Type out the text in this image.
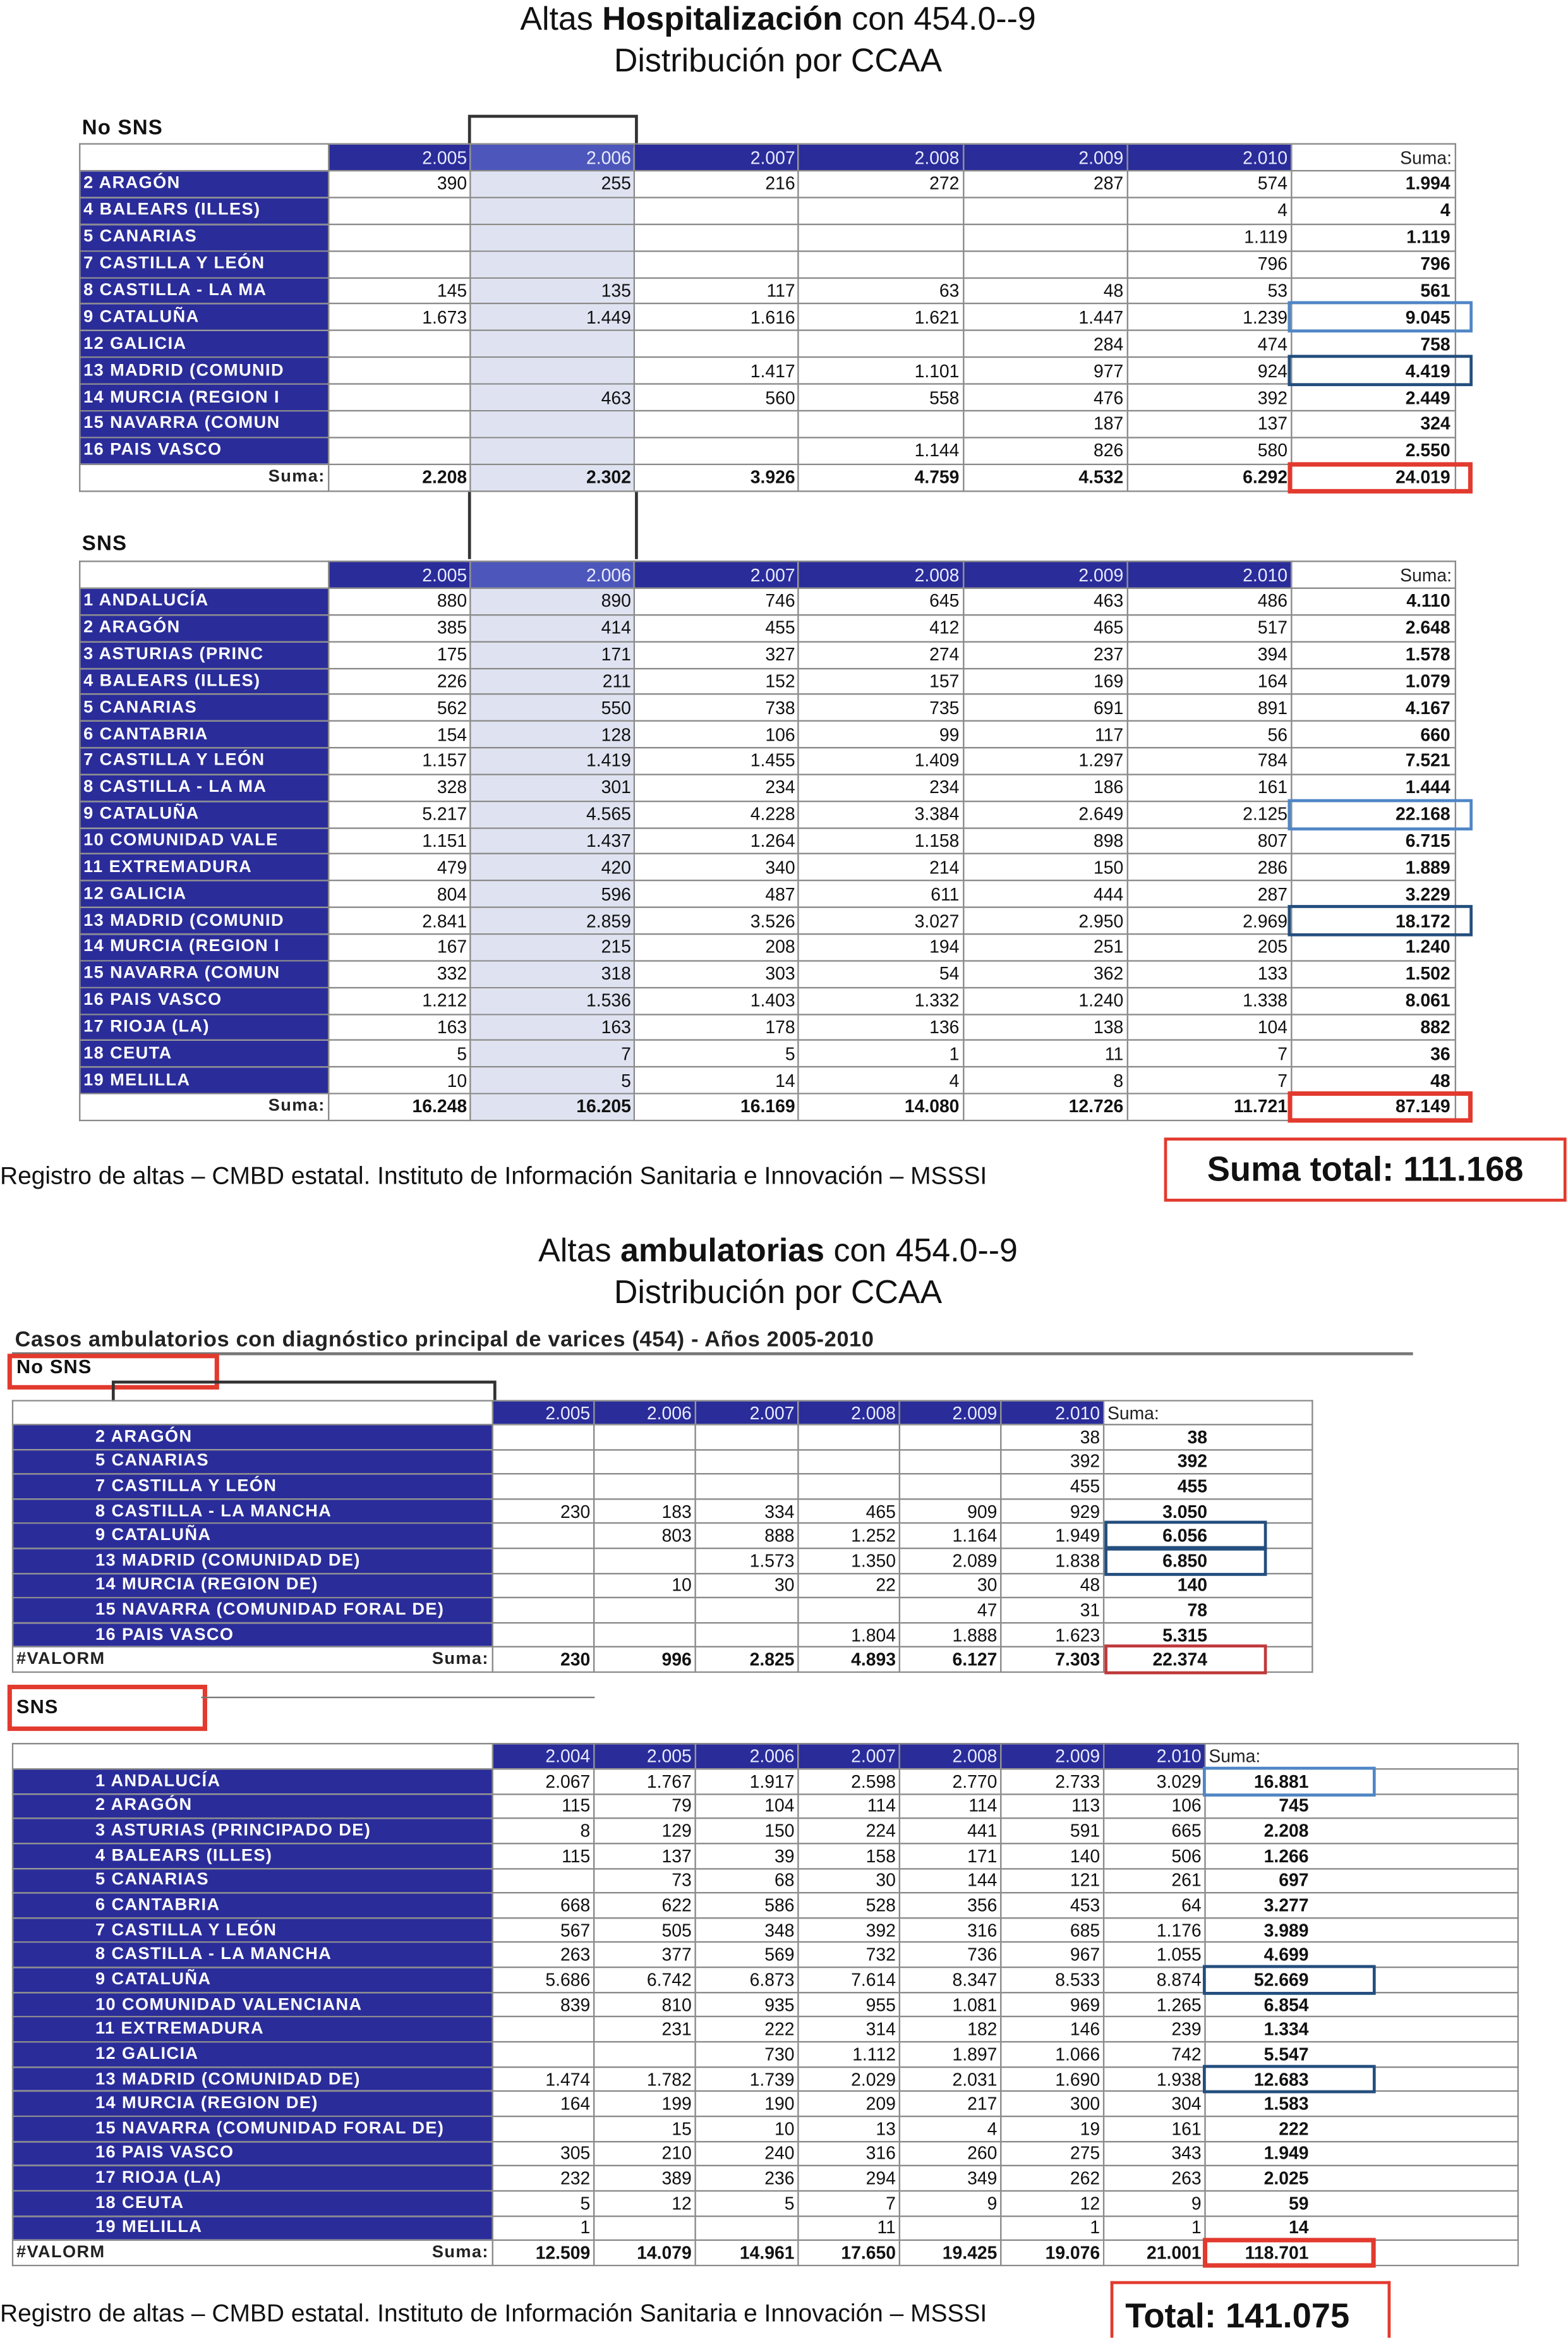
Altas Hospitalización con 454.0--9
Distribución por CCAA
No SNS
	2.005	2.006	2.007	2.008	2.009	2.010	Suma:
2 ARAGÓN	390	255	216	272	287	574	1.994
4 BALEARS (ILLES)						4	4
5 CANARIAS						1.119	1.119
7 CASTILLA Y LEÓN						796	796
8 CASTILLA - LA MA	145	135	117	63	48	53	561
9 CATALUÑA	1.673	1.449	1.616	1.621	1.447	1.239	9.045

12 GALICIA					284	474	758
13 MADRID (COMUNID			1.417	1.101	977	924	4.419

14 MURCIA (REGION I		463	560	558	476	392	2.449
15 NAVARRA (COMUN					187	137	324
16 PAIS VASCO				1.144	826	580	2.550
Suma:	2.208	2.302	3.926	4.759	4.532	6.292	24.019
SNS
	2.005	2.006	2.007	2.008	2.009	2.010	Suma:
1 ANDALUCÍA	880	890	746	645	463	486	4.110
2 ARAGÓN	385	414	455	412	465	517	2.648
3 ASTURIAS (PRINC	175	171	327	274	237	394	1.578
4 BALEARS (ILLES)	226	211	152	157	169	164	1.079
5 CANARIAS	562	550	738	735	691	891	4.167
6 CANTABRIA	154	128	106	99	117	56	660
7 CASTILLA Y LEÓN	1.157	1.419	1.455	1.409	1.297	784	7.521
8 CASTILLA - LA MA	328	301	234	234	186	161	1.444
9 CATALUÑA	5.217	4.565	4.228	3.384	2.649	2.125	22.168

10 COMUNIDAD VALE	1.151	1.437	1.264	1.158	898	807	6.715
11 EXTREMADURA	479	420	340	214	150	286	1.889
12 GALICIA	804	596	487	611	444	287	3.229
13 MADRID (COMUNID	2.841	2.859	3.526	3.027	2.950	2.969	18.172

14 MURCIA (REGION I	167	215	208	194	251	205	1.240
15 NAVARRA (COMUN	332	318	303	54	362	133	1.502
16 PAIS VASCO	1.212	1.536	1.403	1.332	1.240	1.338	8.061
17 RIOJA (LA)	163	163	178	136	138	104	882
18 CEUTA	5	7	5	1	11	7	36
19 MELILLA	10	5	14	4	8	7	48
Suma:	16.248	16.205	16.169	14.080	12.726	11.721	87.149
Registro de altas – CMBD estatal. Instituto de Información Sanitaria e Innovación – MSSSI	Suma total: 111.168
Altas ambulatorias con 454.0--9
Distribución por CCAA
Casos ambulatorios con diagnóstico principal de varices (454) - Años 2005-2010
No SNS
	2.005	2.006	2.007	2.008	2.009	2.010	Suma:
2 ARAGÓN						38	38
5 CANARIAS						392	392
7 CASTILLA Y LEÓN						455	455
8 CASTILLA - LA MANCHA	230	183	334	465	909	929	3.050
9 CATALUÑA		803	888	1.252	1.164	1.949	6.056

13 MADRID (COMUNIDAD DE)			1.573	1.350	2.089	1.838	6.850

14 MURCIA (REGION DE)		10	30	22	30	48	140
15 NAVARRA (COMUNIDAD FORAL DE)					47	31	78
16 PAIS VASCO				1.804	1.888	1.623	5.315

#VALORM Suma:	230	996	2.825	4.893	6.127	7.303	22.374
SNS
	2.004	2.005	2.006	2.007	2.008	2.009	2.010	Suma:
1 ANDALUCÍA	2.067	1.767	1.917	2.598	2.770	2.733	3.029	16.881

2 ARAGÓN	115	79	104	114	114	113	106	745
3 ASTURIAS (PRINCIPADO DE)	8	129	150	224	441	591	665	2.208
4 BALEARS (ILLES)	115	137	39	158	171	140	506	1.266
5 CANARIAS		73	68	30	144	121	261	697
6 CANTABRIA	668	622	586	528	356	453	64	3.277
7 CASTILLA Y LEÓN	567	505	348	392	316	685	1.176	3.989
8 CASTILLA - LA MANCHA	263	377	569	732	736	967	1.055	4.699
9 CATALUÑA	5.686	6.742	6.873	7.614	8.347	8.533	8.874	52.669

10 COMUNIDAD VALENCIANA	839	810	935	955	1.081	969	1.265	6.854
11 EXTREMADURA		231	222	314	182	146	239	1.334
12 GALICIA			730	1.112	1.897	1.066	742	5.547
13 MADRID (COMUNIDAD DE)	1.474	1.782	1.739	2.029	2.031	1.690	1.938	12.683

14 MURCIA (REGION DE)	164	199	190	209	217	300	304	1.583
15 NAVARRA (COMUNIDAD FORAL DE)		15	10	13	4	19	161	222
16 PAIS VASCO	305	210	240	316	260	275	343	1.949
17 RIOJA (LA)	232	389	236	294	349	262	263	2.025
18 CEUTA	5	12	5	7	9	12	9	59
19 MELILLA	1			11		1	1	14

#VALORM Suma:	12.509	14.079	14.961	17.650	19.425	19.076	21.001	118.701
Registro de altas – CMBD estatal. Instituto de Información Sanitaria e Innovación – MSSSI	Total: 141.075
